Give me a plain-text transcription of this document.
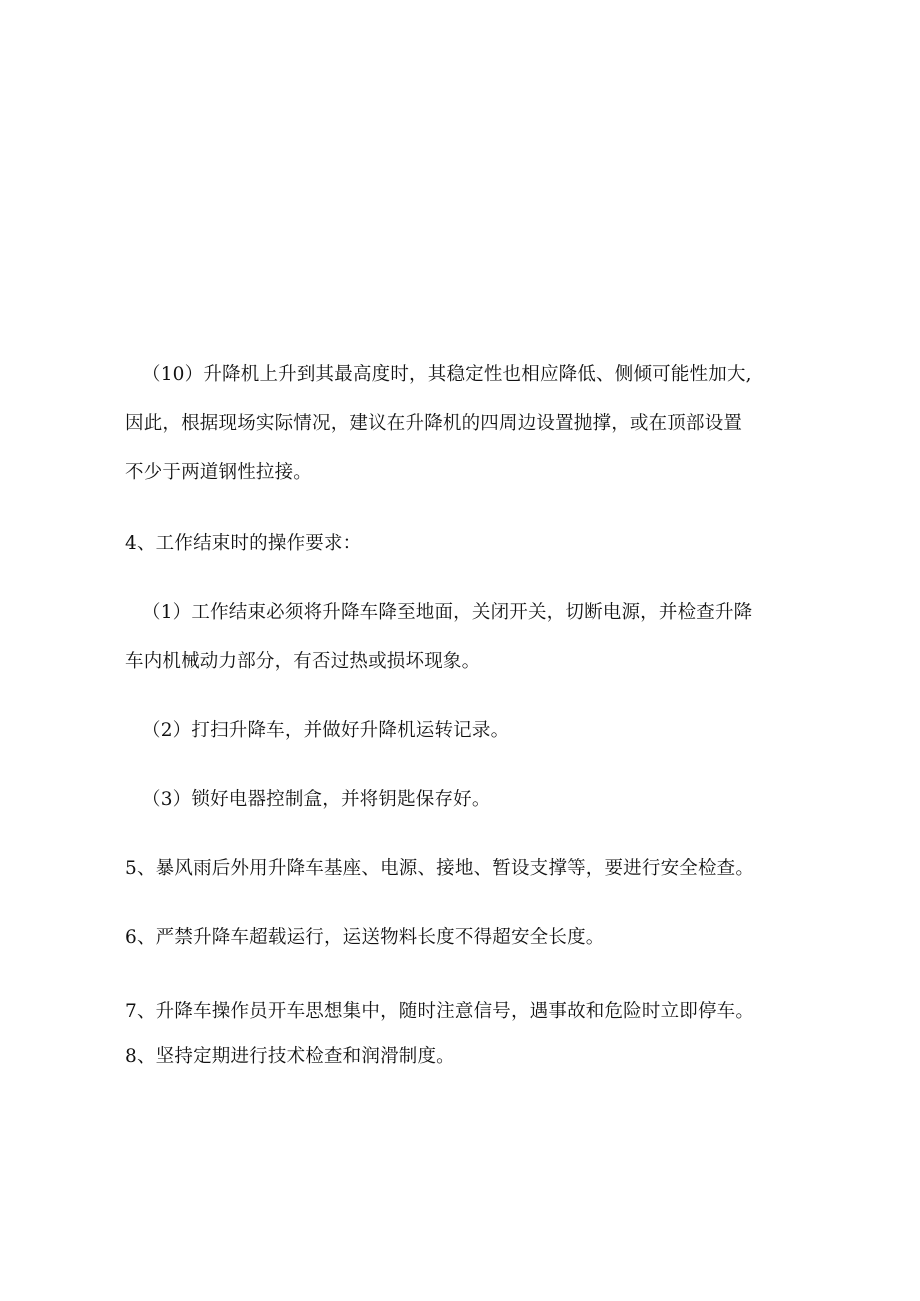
（10）升降机上升到其最高度时，其稳定性也相应降低、侧倾可能性加大,
因此，根据现场实际情况，建议在升降机的四周边设置抛撑，或在顶部设置
不少于两道钢性拉接。
4、工作结束时的操作要求：
（1）工作结束必须将升降车降至地面，关闭开关，切断电源，并检查升降
车内机械动力部分，有否过热或损坏现象。
（2）打扫升降车，并做好升降机运转记录。
（3）锁好电器控制盒，并将钥匙保存好。
5、暴风雨后外用升降车基座、电源、接地、暂设支撑等，要进行安全检查。
6、严禁升降车超载运行，运送物料长度不得超安全长度。
7、升降车操作员开车思想集中，随时注意信号，遇事故和危险时立即停车。
8、坚持定期进行技术检查和润滑制度。
